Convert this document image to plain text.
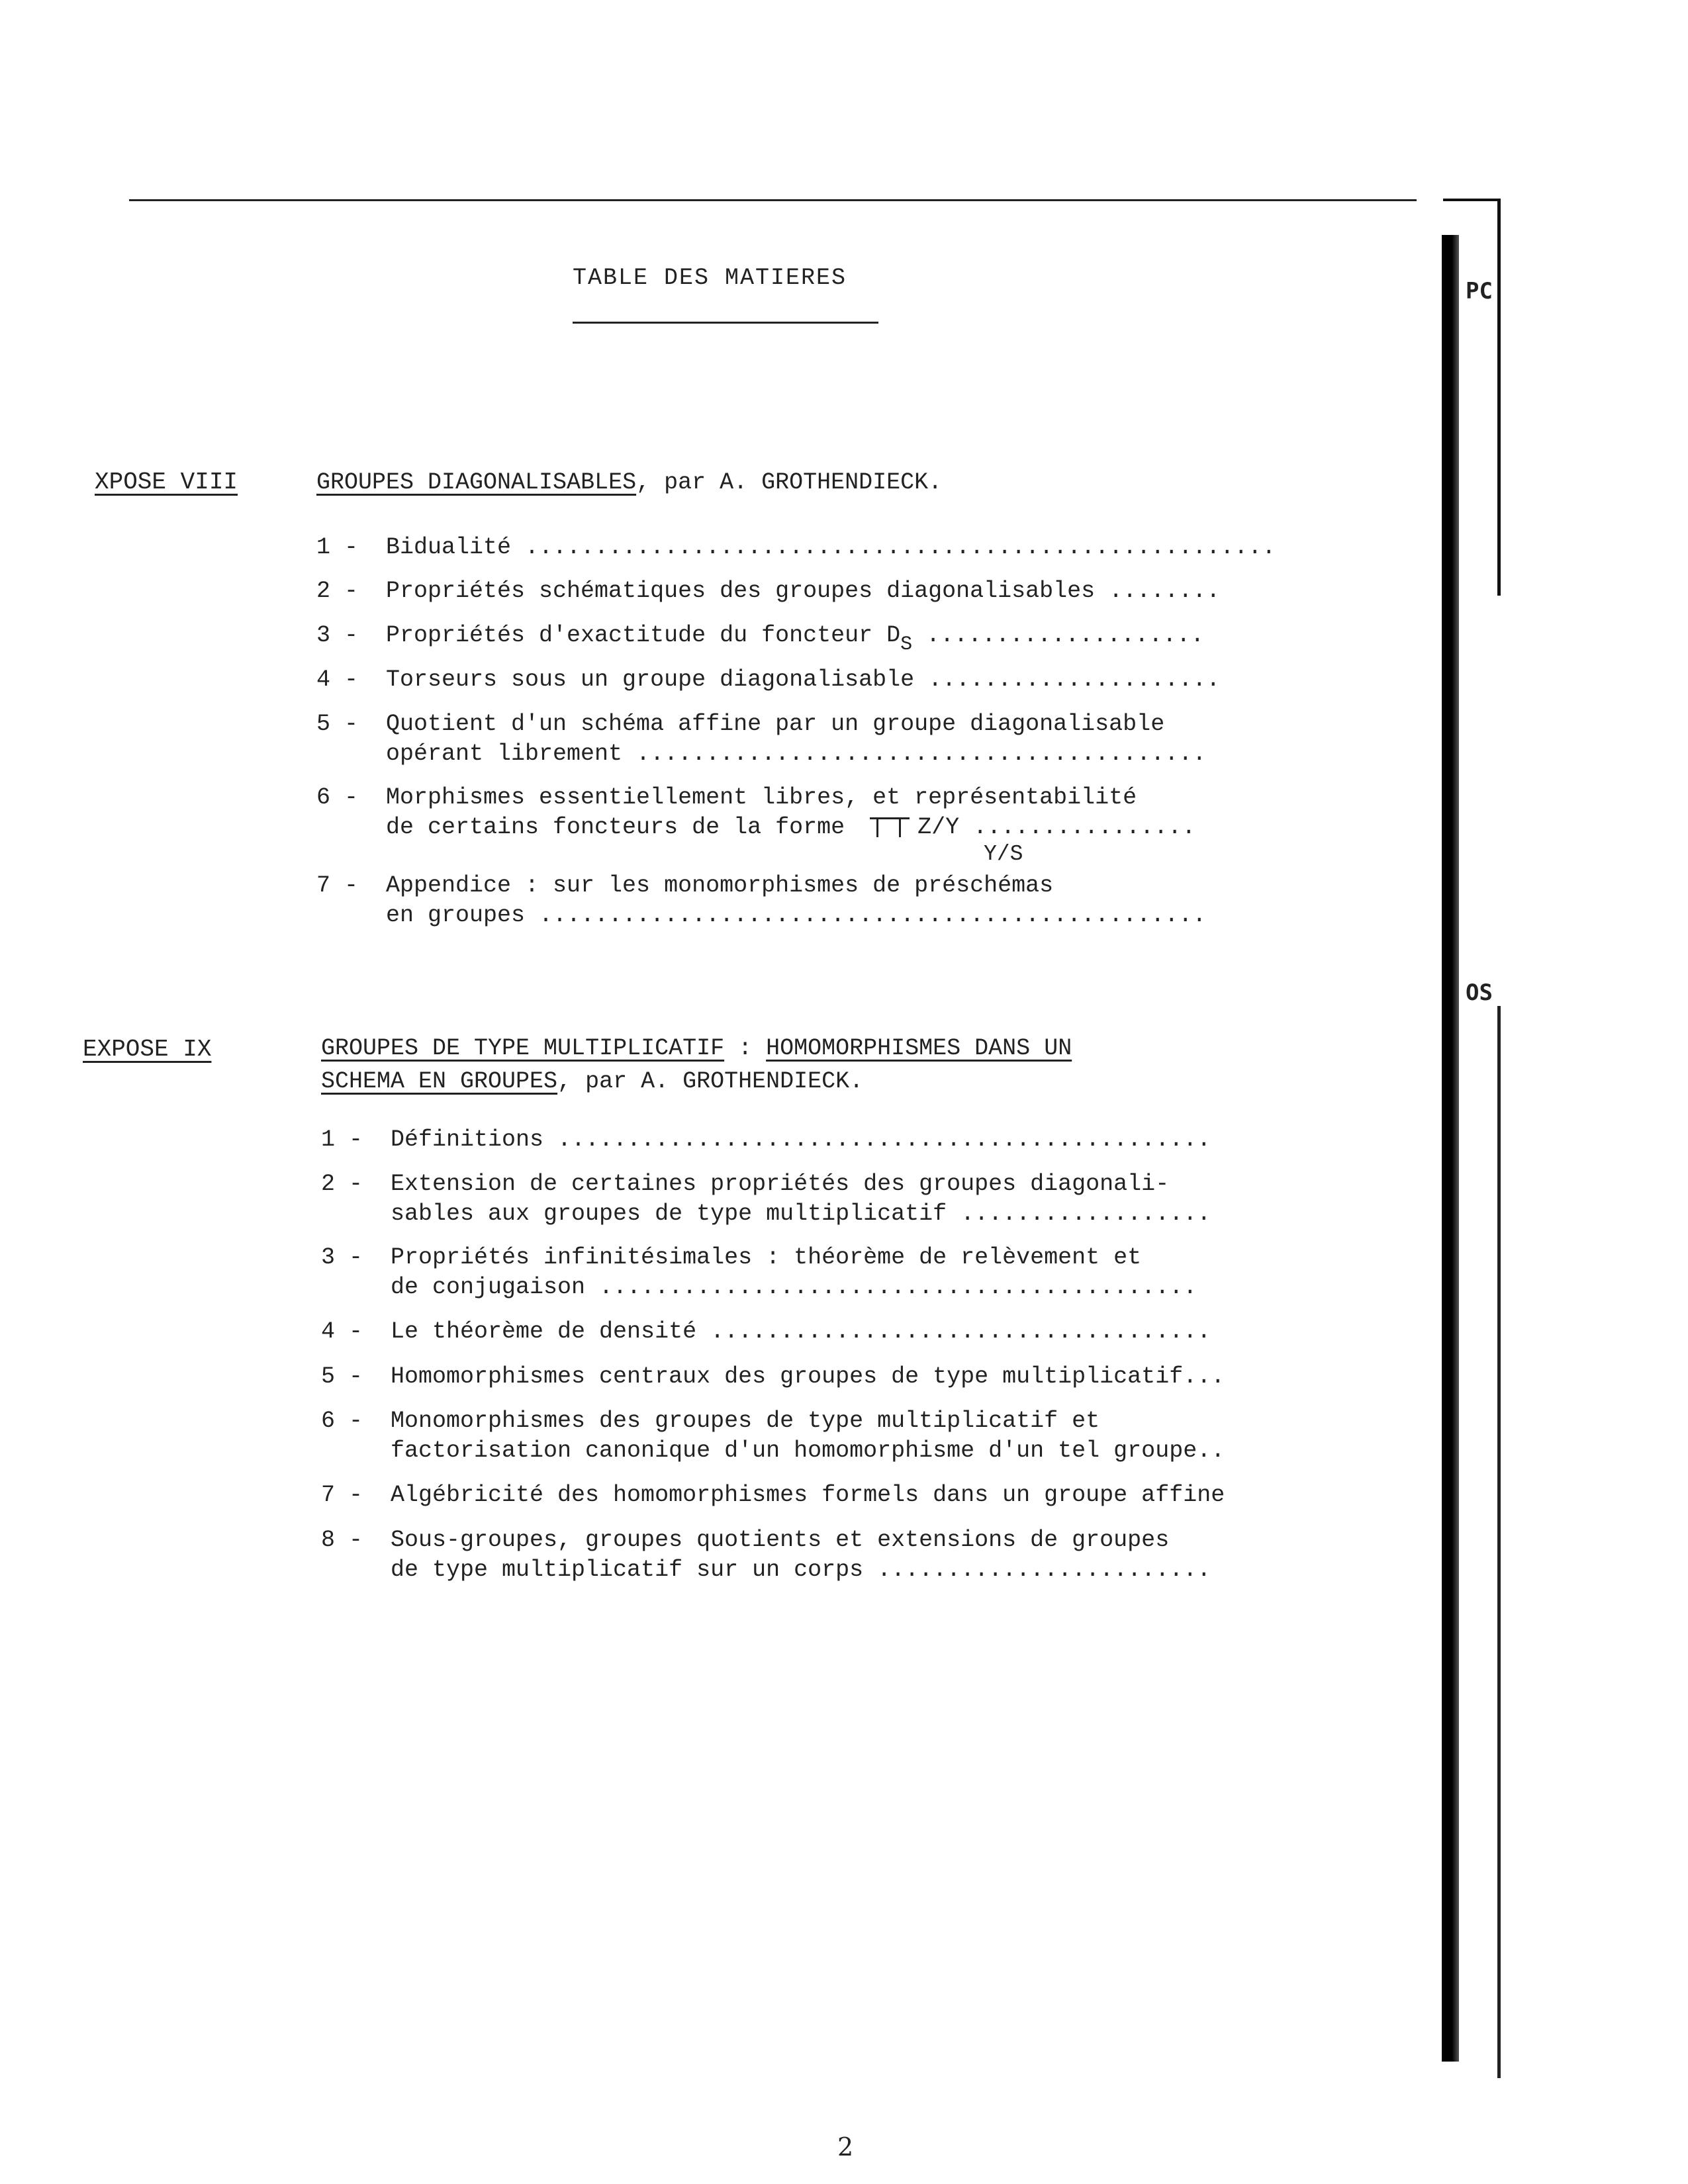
TABLE DES MATIERES
XPOSE VIII	GROUPES DIAGONALISABLES, par A. GROTHENDIECK.
1 - Bidualité ......................................................
2 - Propriétés schématiques des groupes diagonalisables ........
3 - Propriétés d'exactitude du foncteur DS ....................
4 - Torseurs sous un groupe diagonalisable .....................
5 - Quotient d'un schéma affine par un groupe diagonalisable
opérant librement .........................................
6 - Morphismes essentiellement libres, et représentabilité
de certains foncteurs de la forme	Z/Y ................
Y/S
7 - Appendice : sur les monomorphismes de préschémas
en groupes ................................................
EXPOSE IX	GROUPES DE TYPE MULTIPLICATIF : HOMOMORPHISMES DANS UN
SCHEMA EN GROUPES, par A. GROTHENDIECK.
1 - Définitions ...............................................
2 - Extension de certaines propriétés des groupes diagonali-
sables aux groupes de type multiplicatif ..................
3 - Propriétés infinitésimales : théorème de relèvement et
de conjugaison ...........................................
4 - Le théorème de densité ....................................
5 - Homomorphismes centraux des groupes de type multiplicatif...
6 - Monomorphismes des groupes de type multiplicatif et
factorisation canonique d'un homomorphisme d'un tel groupe..
7 - Algébricité des homomorphismes formels dans un groupe affine
8 - Sous-groupes, groupes quotients et extensions de groupes
de type multiplicatif sur un corps ........................
PC
OS
2
